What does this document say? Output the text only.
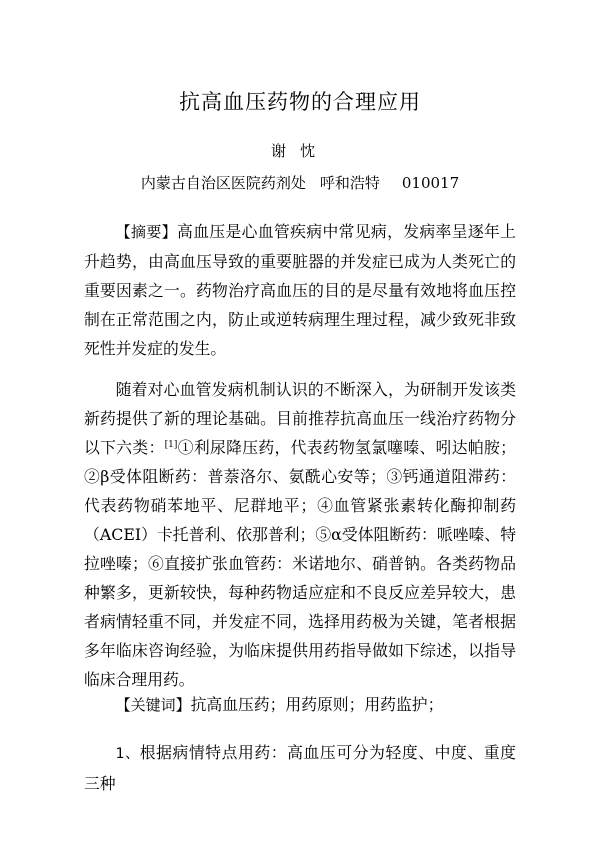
抗高血压药物的合理应用
谢忱
内蒙古自治区医院药剂处 呼和浩特 010017
【摘要】高血压是心血管疾病中常见病，发病率呈逐年上升趋势，由高血压导致的重要脏器的并发症已成为人类死亡的重要因素之一。药物治疗高血压的目的是尽量有效地将血压控制在正常范围之内，防止或逆转病理生理过程，减少致死非致死性并发症的发生。
随着对心血管发病机制认识的不断深入，为研制开发该类新药提供了新的理论基础。目前推荐抗高血压一线治疗药物分以下六类：[1]①利尿降压药，代表药物氢氯噻嗪、吲达帕胺；②β受体阻断药：普萘洛尔、氨酰心安等；③钙通道阻滞药：代表药物硝苯地平、尼群地平；④血管紧张素转化酶抑制药（ACEI）卡托普利、依那普利；⑤α受体阻断药：哌唑嗪、特拉唑嗪；⑥直接扩张血管药：米诺地尔、硝普钠。各类药物品种繁多，更新较快，每种药物适应症和不良反应差异较大，患者病情轻重不同，并发症不同，选择用药极为关键，笔者根据多年临床咨询经验，为临床提供用药指导做如下综述，以指导临床合理用药。
【关键词】抗高血压药；用药原则；用药监护；
1、根据病情特点用药：高血压可分为轻度、中度、重度三种
